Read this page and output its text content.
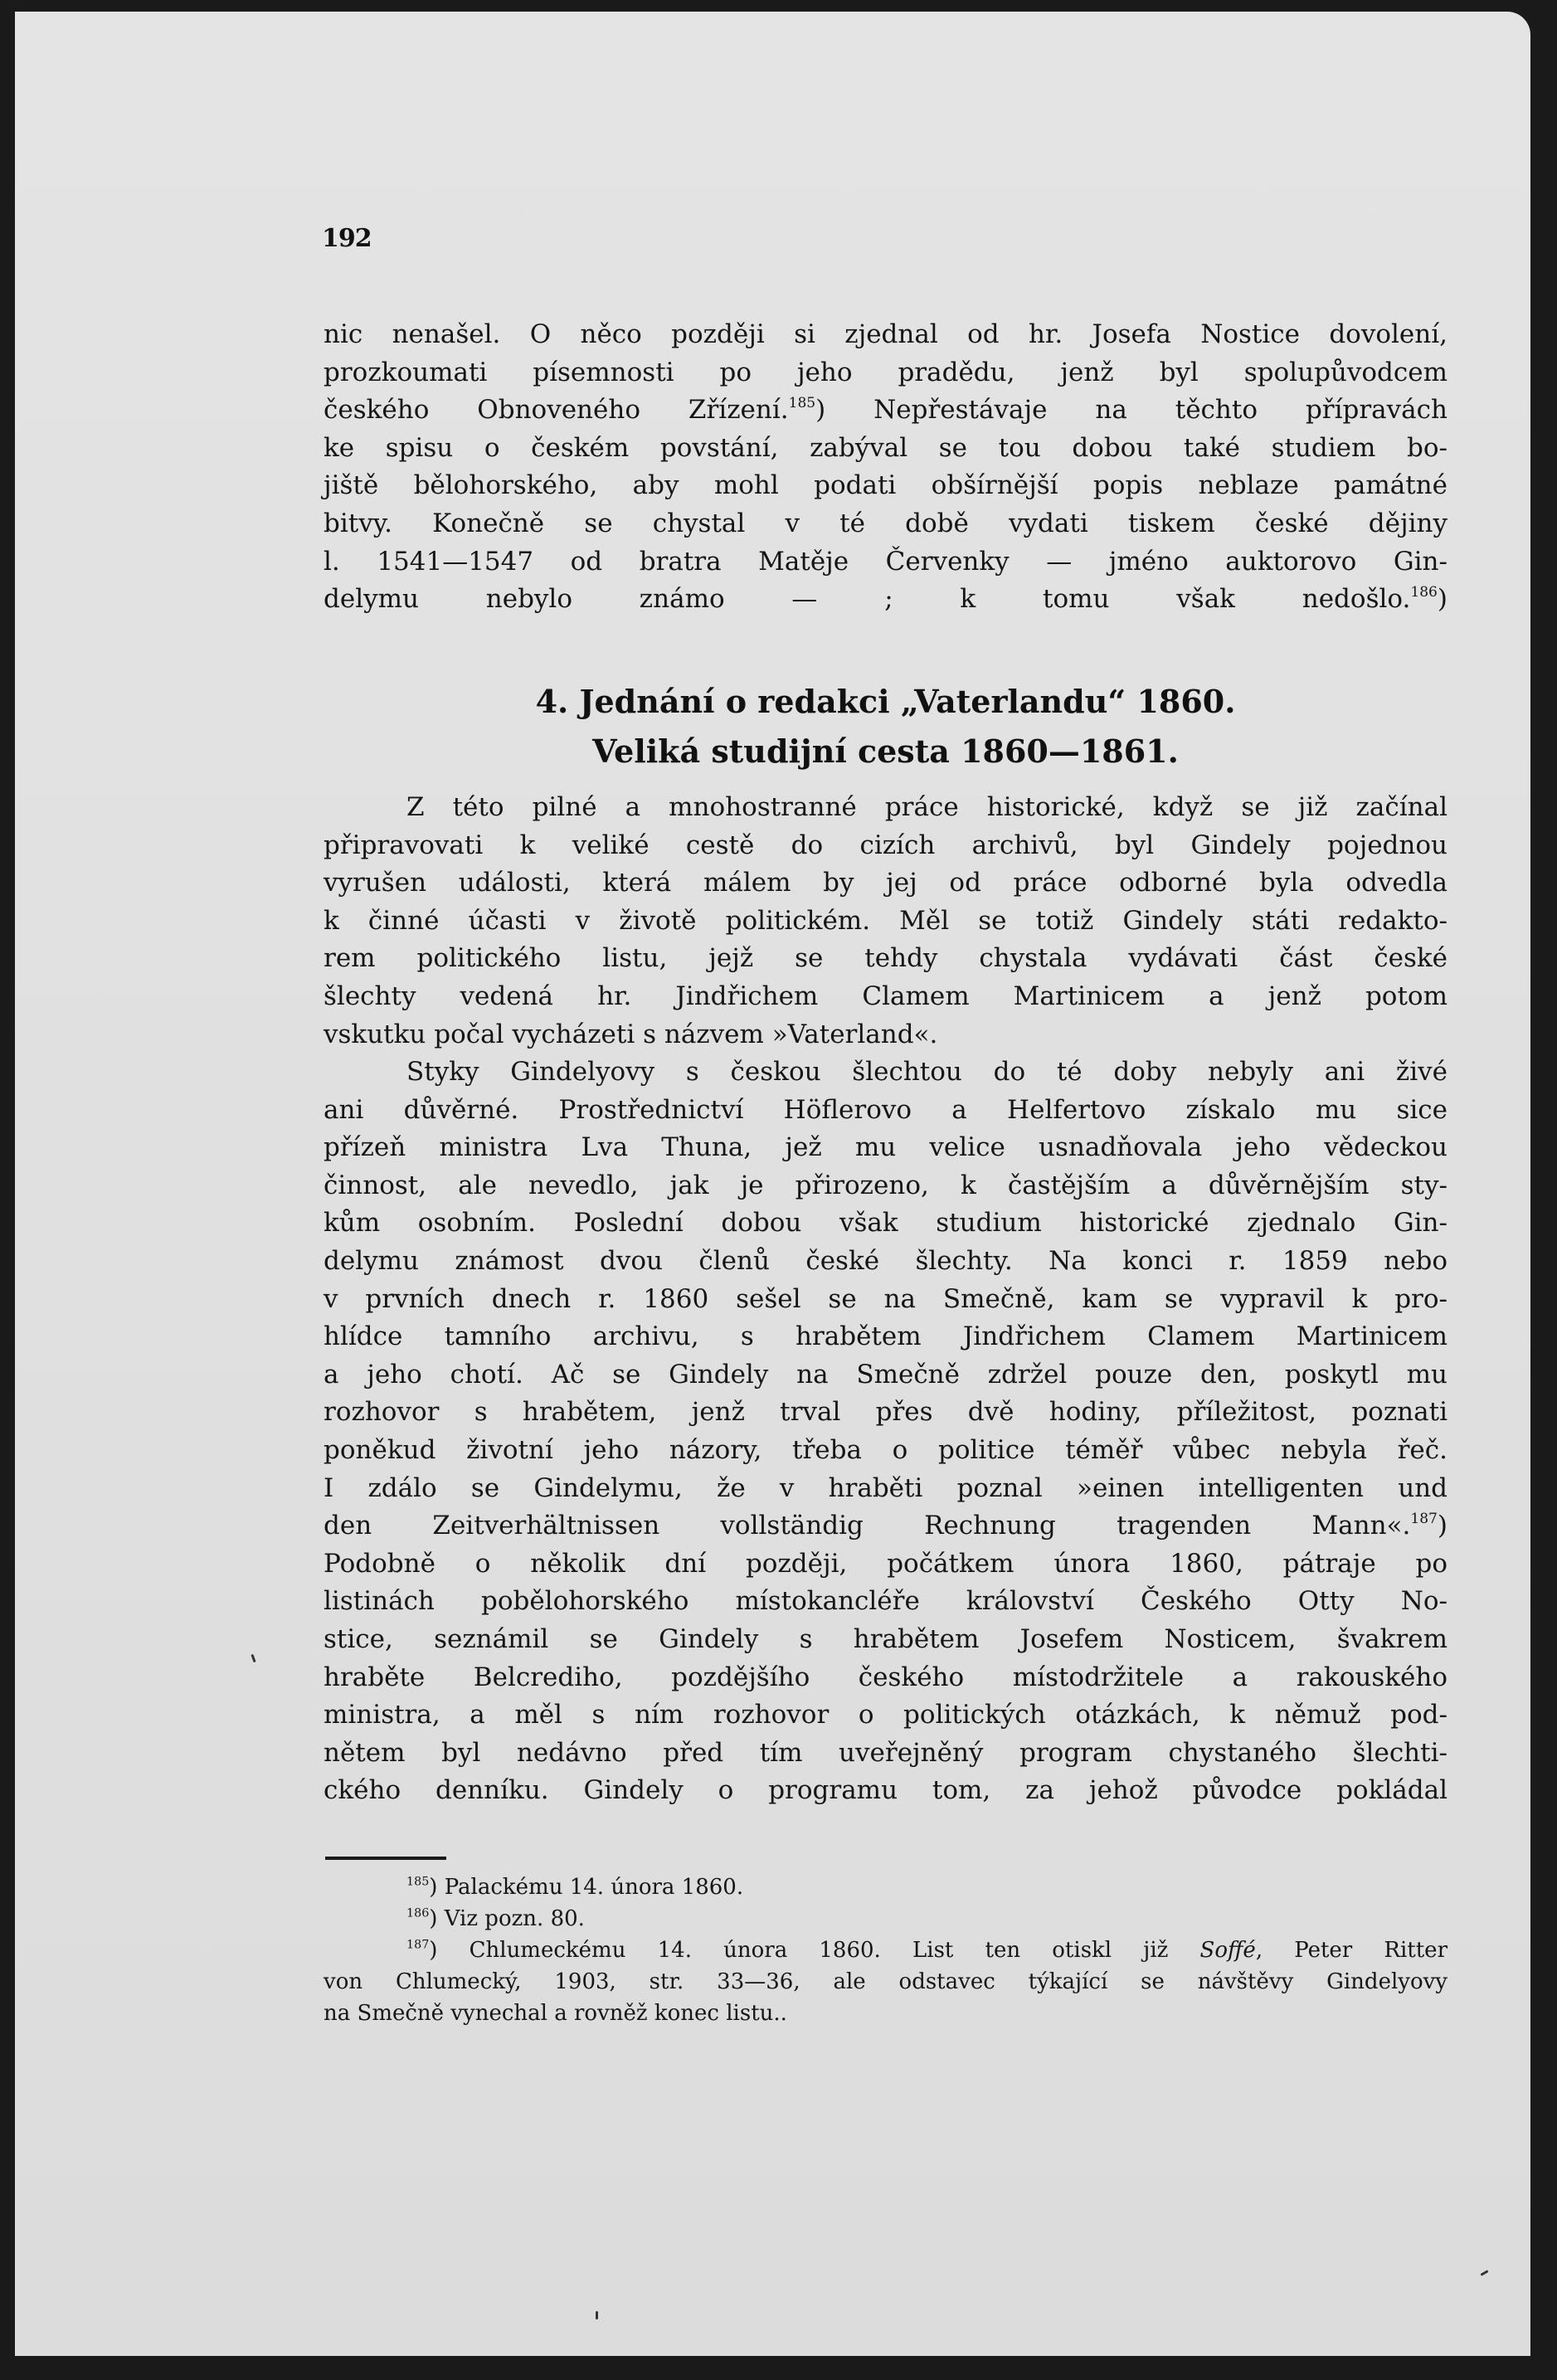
192
nic nenašel. O něco později si zjednal od hr. Josefa Nostice dovolení,
prozkoumati písemnosti po jeho pradědu, jenž byl spolupůvodcem
českého Obnoveného Zřízení.$^{185}$) Nepřestávaje na těchto přípravách
ke spisu o českém povstání, zabýval se tou dobou také studiem bo-
jiště bělohorského, aby mohl podati obšírnější popis neblaze památné
bitvy. Konečně se chystal v té době vydati tiskem české dějiny
l. 1541—1547 od bratra Matěje Červenky — jméno auktorovo Gin-
delymu nebylo známo — ; k tomu však nedošlo.$^{186}$)
4. Jednání o redakci „Vaterlandu“ 1860.
Veliká studijní cesta 1860—1861.
Z této pilné a mnohostranné práce historické, když se již začínal
připravovati k veliké cestě do cizích archivů, byl Gindely pojednou
vyrušen události, která málem by jej od práce odborné byla odvedla
k činné účasti v životě politickém. Měl se totiž Gindely státi redakto-
rem politického listu, jejž se tehdy chystala vydávati část české
šlechty vedená hr. Jindřichem Clamem Martinicem a jenž potom
vskutku počal vycházeti s názvem »Vaterland«.
Styky Gindelyovy s českou šlechtou do té doby nebyly ani živé
ani důvěrné. Prostřednictví Höflerovo a Helfertovo získalo mu sice
přízeň ministra Lva Thuna, jež mu velice usnadňovala jeho vědeckou
činnost, ale nevedlo, jak je přirozeno, k častějším a důvěrnějším sty-
kům osobním. Poslední dobou však studium historické zjednalo Gin-
delymu známost dvou členů české šlechty. Na konci r. 1859 nebo
v prvních dnech r. 1860 sešel se na Smečně, kam se vypravil k pro-
hlídce tamního archivu, s hrabětem Jindřichem Clamem Martinicem
a jeho chotí. Ač se Gindely na Smečně zdržel pouze den, poskytl mu
rozhovor s hrabětem, jenž trval přes dvě hodiny, příležitost, poznati
poněkud životní jeho názory, třeba o politice téměř vůbec nebyla řeč.
I zdálo se Gindelymu, že v hraběti poznal »einen intelligenten und
den Zeitverhältnissen vollständig Rechnung tragenden Mann«.$^{187}$)
Podobně o několik dní později, počátkem února 1860, pátraje po
listinách pobělohorského místokancléře království Českého Otty No-
stice, seznámil se Gindely s hrabětem Josefem Nosticem, švakrem
hraběte Belcrediho, pozdějšího českého místodržitele a rakouského
ministra, a měl s ním rozhovor o politických otázkách, k němuž pod-
nětem byl nedávno před tím uveřejněný program chystaného šlechti-
ckého denníku. Gindely o programu tom, za jehož původce pokládal
$^{185}$) Palackému 14. února 1860.
$^{186}$) Viz pozn. 80.
$^{187}$) Chlumeckému 14. února 1860. List ten otiskl již Soffé, Peter Ritter
von Chlumecký, 1903, str. 33—36, ale odstavec týkající se návštěvy Gindelyovy
na Smečně vynechal a rovněž konec listu..
